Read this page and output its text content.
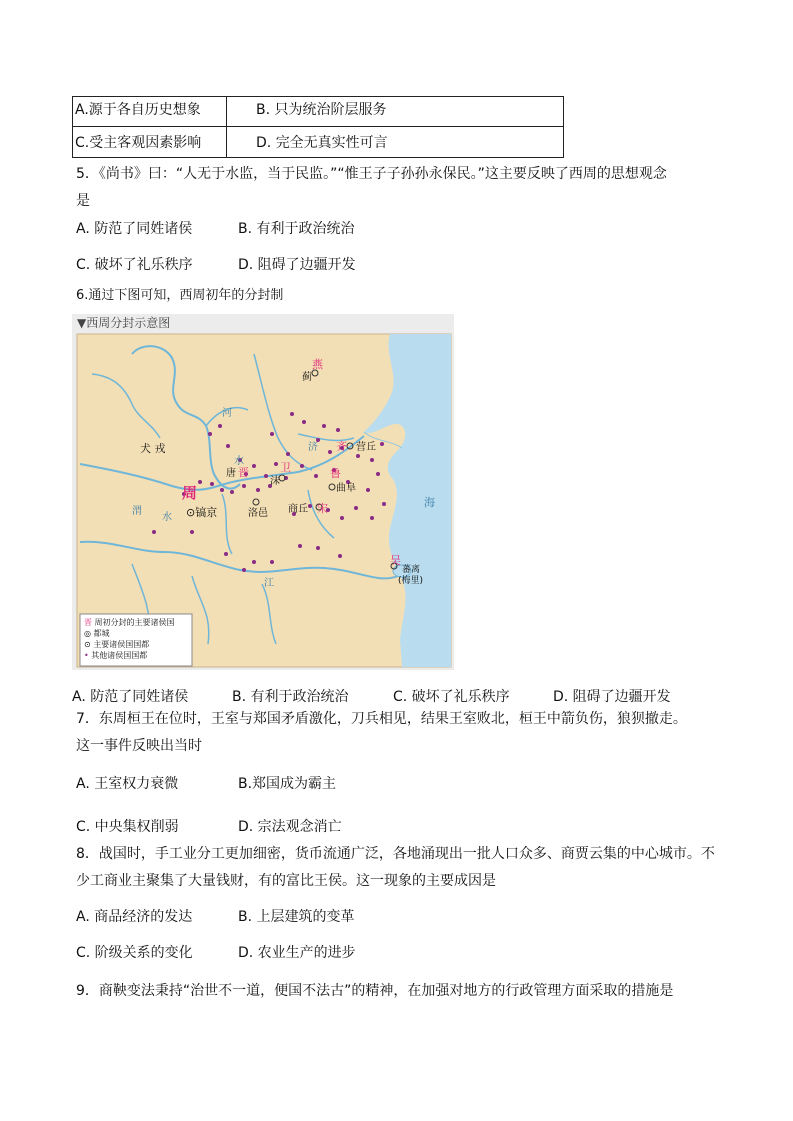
A.源于各自历史想象	B. 只为统治阶层服务
C.受主客观因素影响	D. 完全无真实性可言
5．《尚书》曰：“人无于水监，当于民监。”“惟王子子孙孙永保民。”这主要反映了西周的思想观念
是
A. 防范了同姓诸侯	B. 有利于政治统治
C. 破坏了礼乐秩序	D. 阻碍了边疆开发
6.通过下图可知，西周初年的分封制
▼西周分封示意图
燕
蓟
犬 戎
周
⊙镐京
唐 晋	卫
沫
洛邑
齐 营丘
鲁
曲阜
商丘 宋
吴
蕃离
(梅里)
海
渭
河
水
水
江
济
晋 周初分封的主要诸侯国
◎ 都城
⊙ 主要诸侯国国都
• 其他诸侯国国都
A. 防范了同姓诸侯	B. 有利于政治统治	C. 破坏了礼乐秩序	D. 阻碍了边疆开发
7．东周桓王在位时，王室与郑国矛盾激化，刀兵相见，结果王室败北，桓王中箭负伤，狼狈撤走。
这一事件反映出当时
A. 王室权力衰微	B.郑国成为霸主
C. 中央集权削弱	D. 宗法观念消亡
8．战国时，手工业分工更加细密，货币流通广泛，各地涌现出一批人口众多、商贾云集的中心城市。不
少工商业主聚集了大量钱财，有的富比王侯。这一现象的主要成因是
A. 商品经济的发达	B. 上层建筑的变革
C. 阶级关系的变化	D. 农业生产的进步
9．商鞅变法秉持“治世不一道，便国不法古”的精神，在加强对地方的行政管理方面采取的措施是
